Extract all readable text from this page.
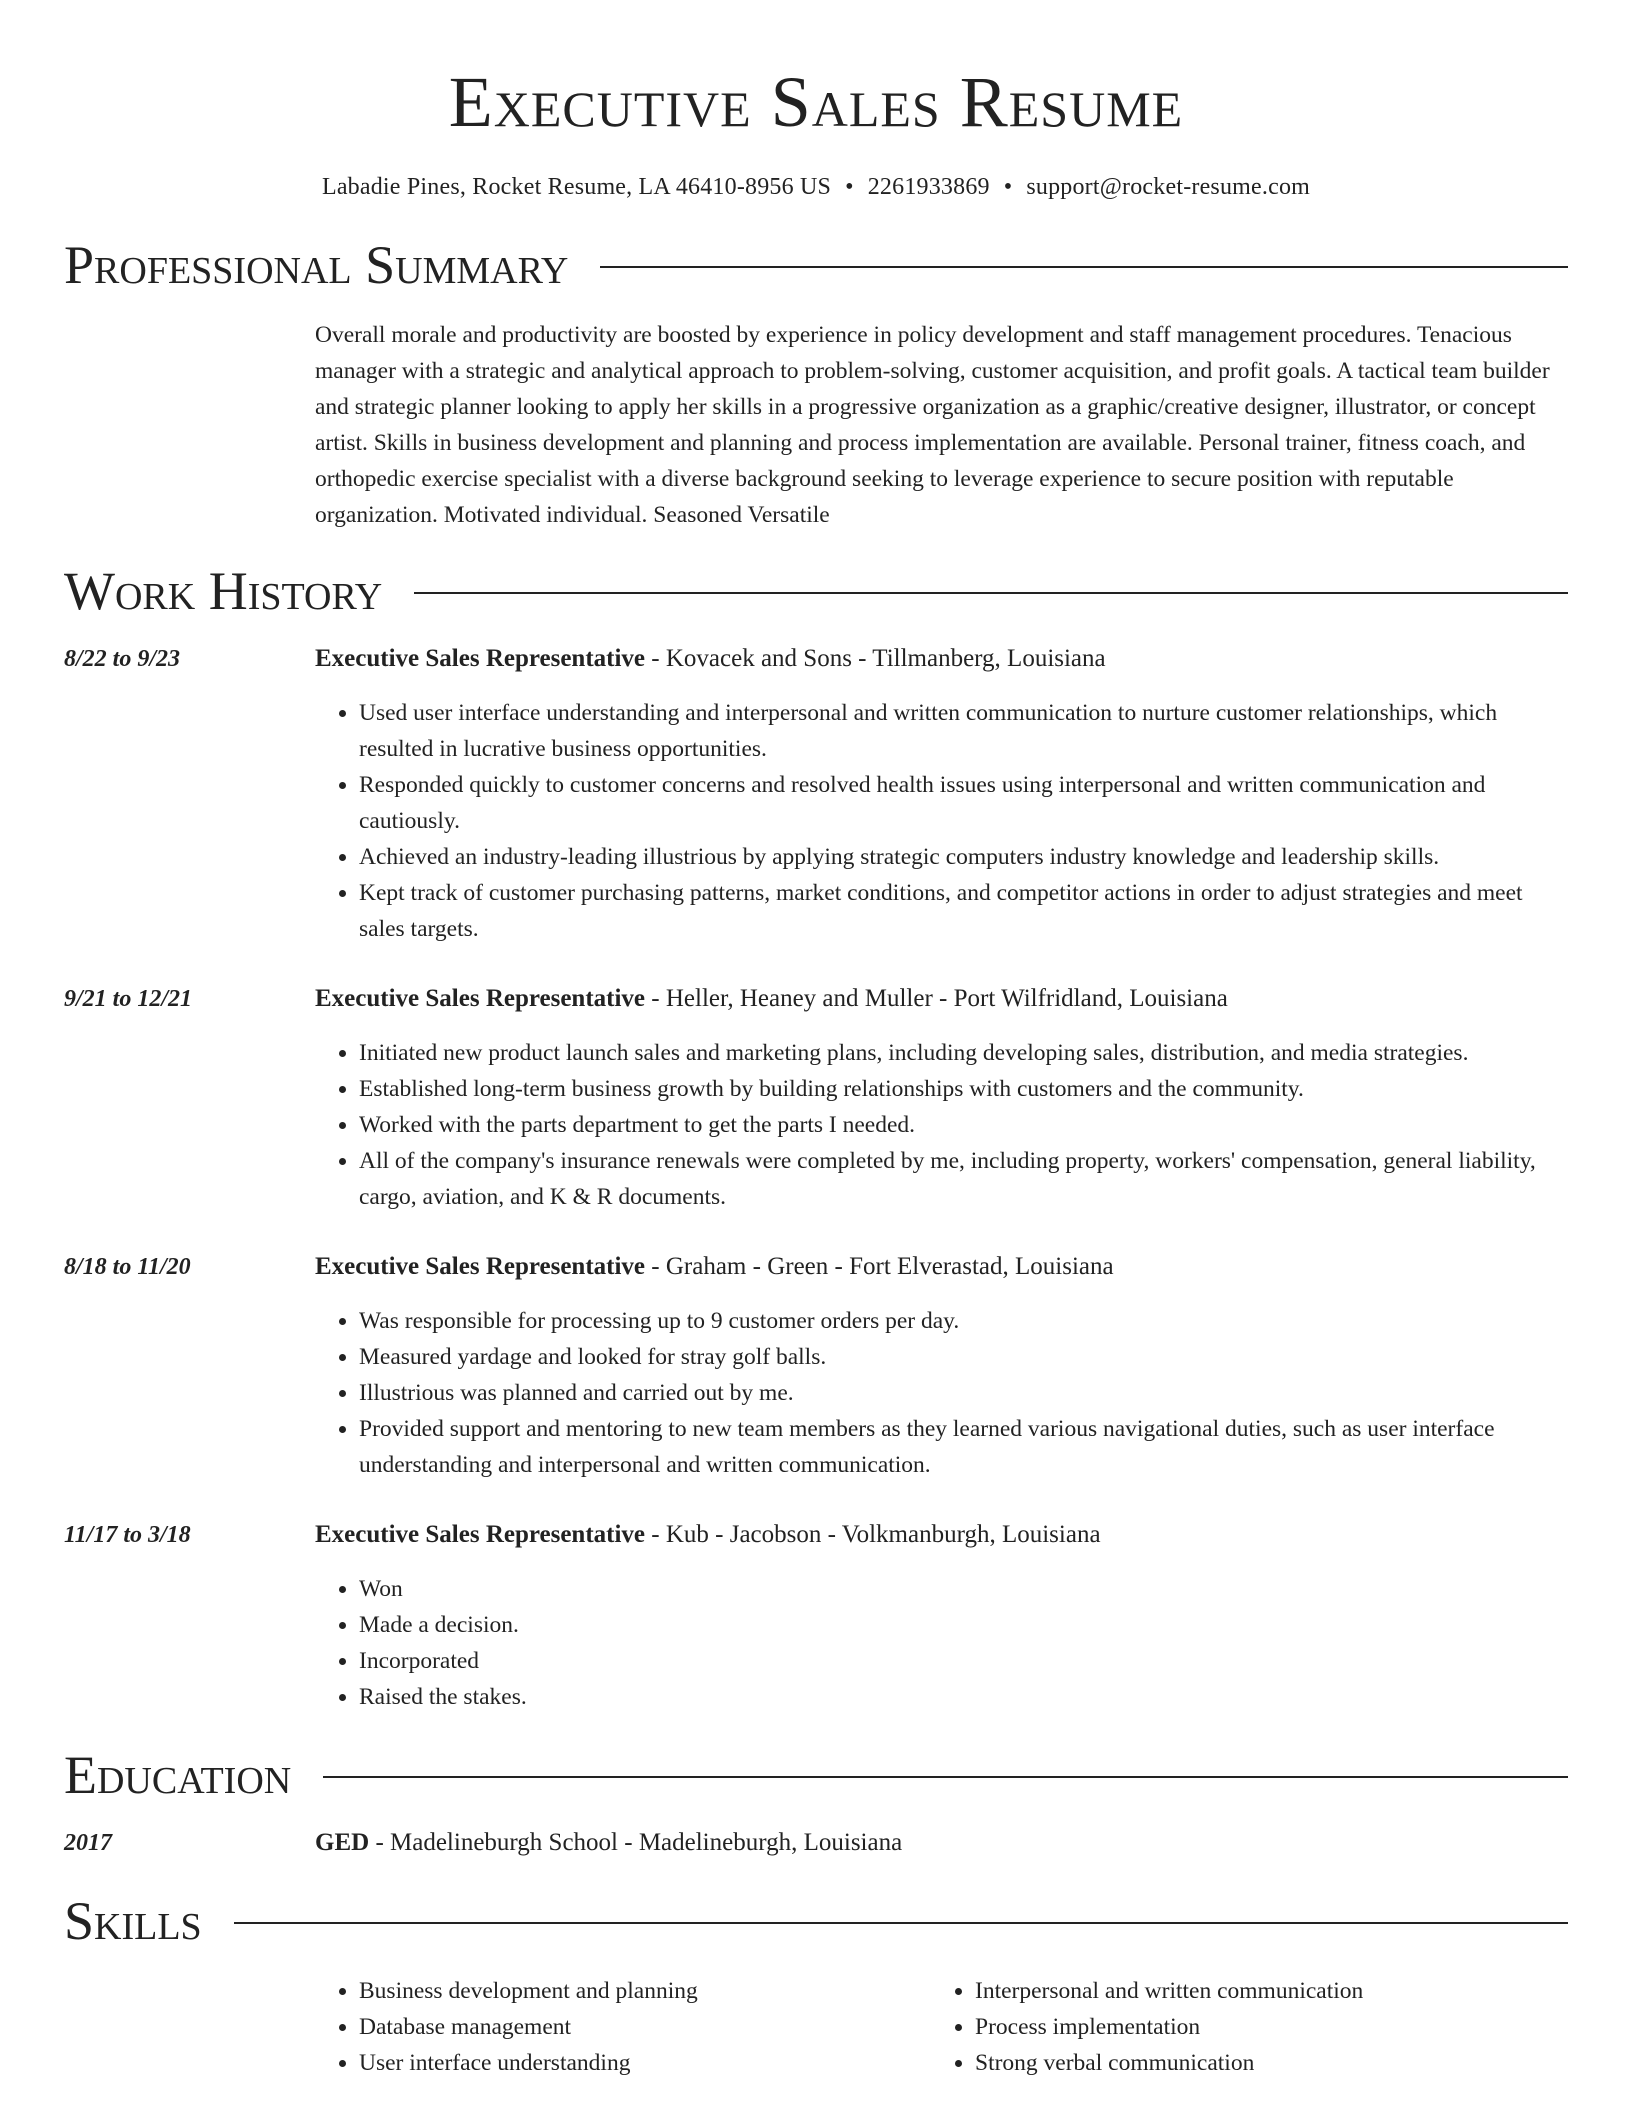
Executive Sales Resume
Labadie Pines, Rocket Resume, LA 46410-8956 US • 2261933869 • support@rocket-resume.com
Professional Summary
Overall morale and productivity are boosted by experience in policy development and staff management procedures. Tenacious manager with a strategic and analytical approach to problem-solving, customer acquisition, and profit goals. A tactical team builder and strategic planner looking to apply her skills in a progressive organization as a graphic/creative designer, illustrator, or concept artist. Skills in business development and planning and process implementation are available. Personal trainer, fitness coach, and orthopedic exercise specialist with a diverse background seeking to leverage experience to secure position with reputable organization. Motivated individual. Seasoned Versatile
Work History
8/22 to 9/23	Executive Sales Representative - Kovacek and Sons - Tillmanberg, Louisiana
• Used user interface understanding and interpersonal and written communication to nurture customer relationships, which resulted in lucrative business opportunities.
• Responded quickly to customer concerns and resolved health issues using interpersonal and written communication and cautiously.
• Achieved an industry-leading illustrious by applying strategic computers industry knowledge and leadership skills.
• Kept track of customer purchasing patterns, market conditions, and competitor actions in order to adjust strategies and meet sales targets.
9/21 to 12/21	Executive Sales Representative - Heller, Heaney and Muller - Port Wilfridland, Louisiana
• Initiated new product launch sales and marketing plans, including developing sales, distribution, and media strategies.
• Established long-term business growth by building relationships with customers and the community.
• Worked with the parts department to get the parts I needed.
• All of the company's insurance renewals were completed by me, including property, workers' compensation, general liability, cargo, aviation, and K & R documents.
8/18 to 11/20	Executive Sales Representative - Graham - Green - Fort Elverastad, Louisiana
• Was responsible for processing up to 9 customer orders per day.
• Measured yardage and looked for stray golf balls.
• Illustrious was planned and carried out by me.
• Provided support and mentoring to new team members as they learned various navigational duties, such as user interface understanding and interpersonal and written communication.
11/17 to 3/18	Executive Sales Representative - Kub - Jacobson - Volkmanburgh, Louisiana
• Won
• Made a decision.
• Incorporated
• Raised the stakes.
Education
2017	GED - Madelineburgh School - Madelineburgh, Louisiana
Skills
• Business development and planning
• Database management
• User interface understanding
• Interpersonal and written communication
• Process implementation
• Strong verbal communication
